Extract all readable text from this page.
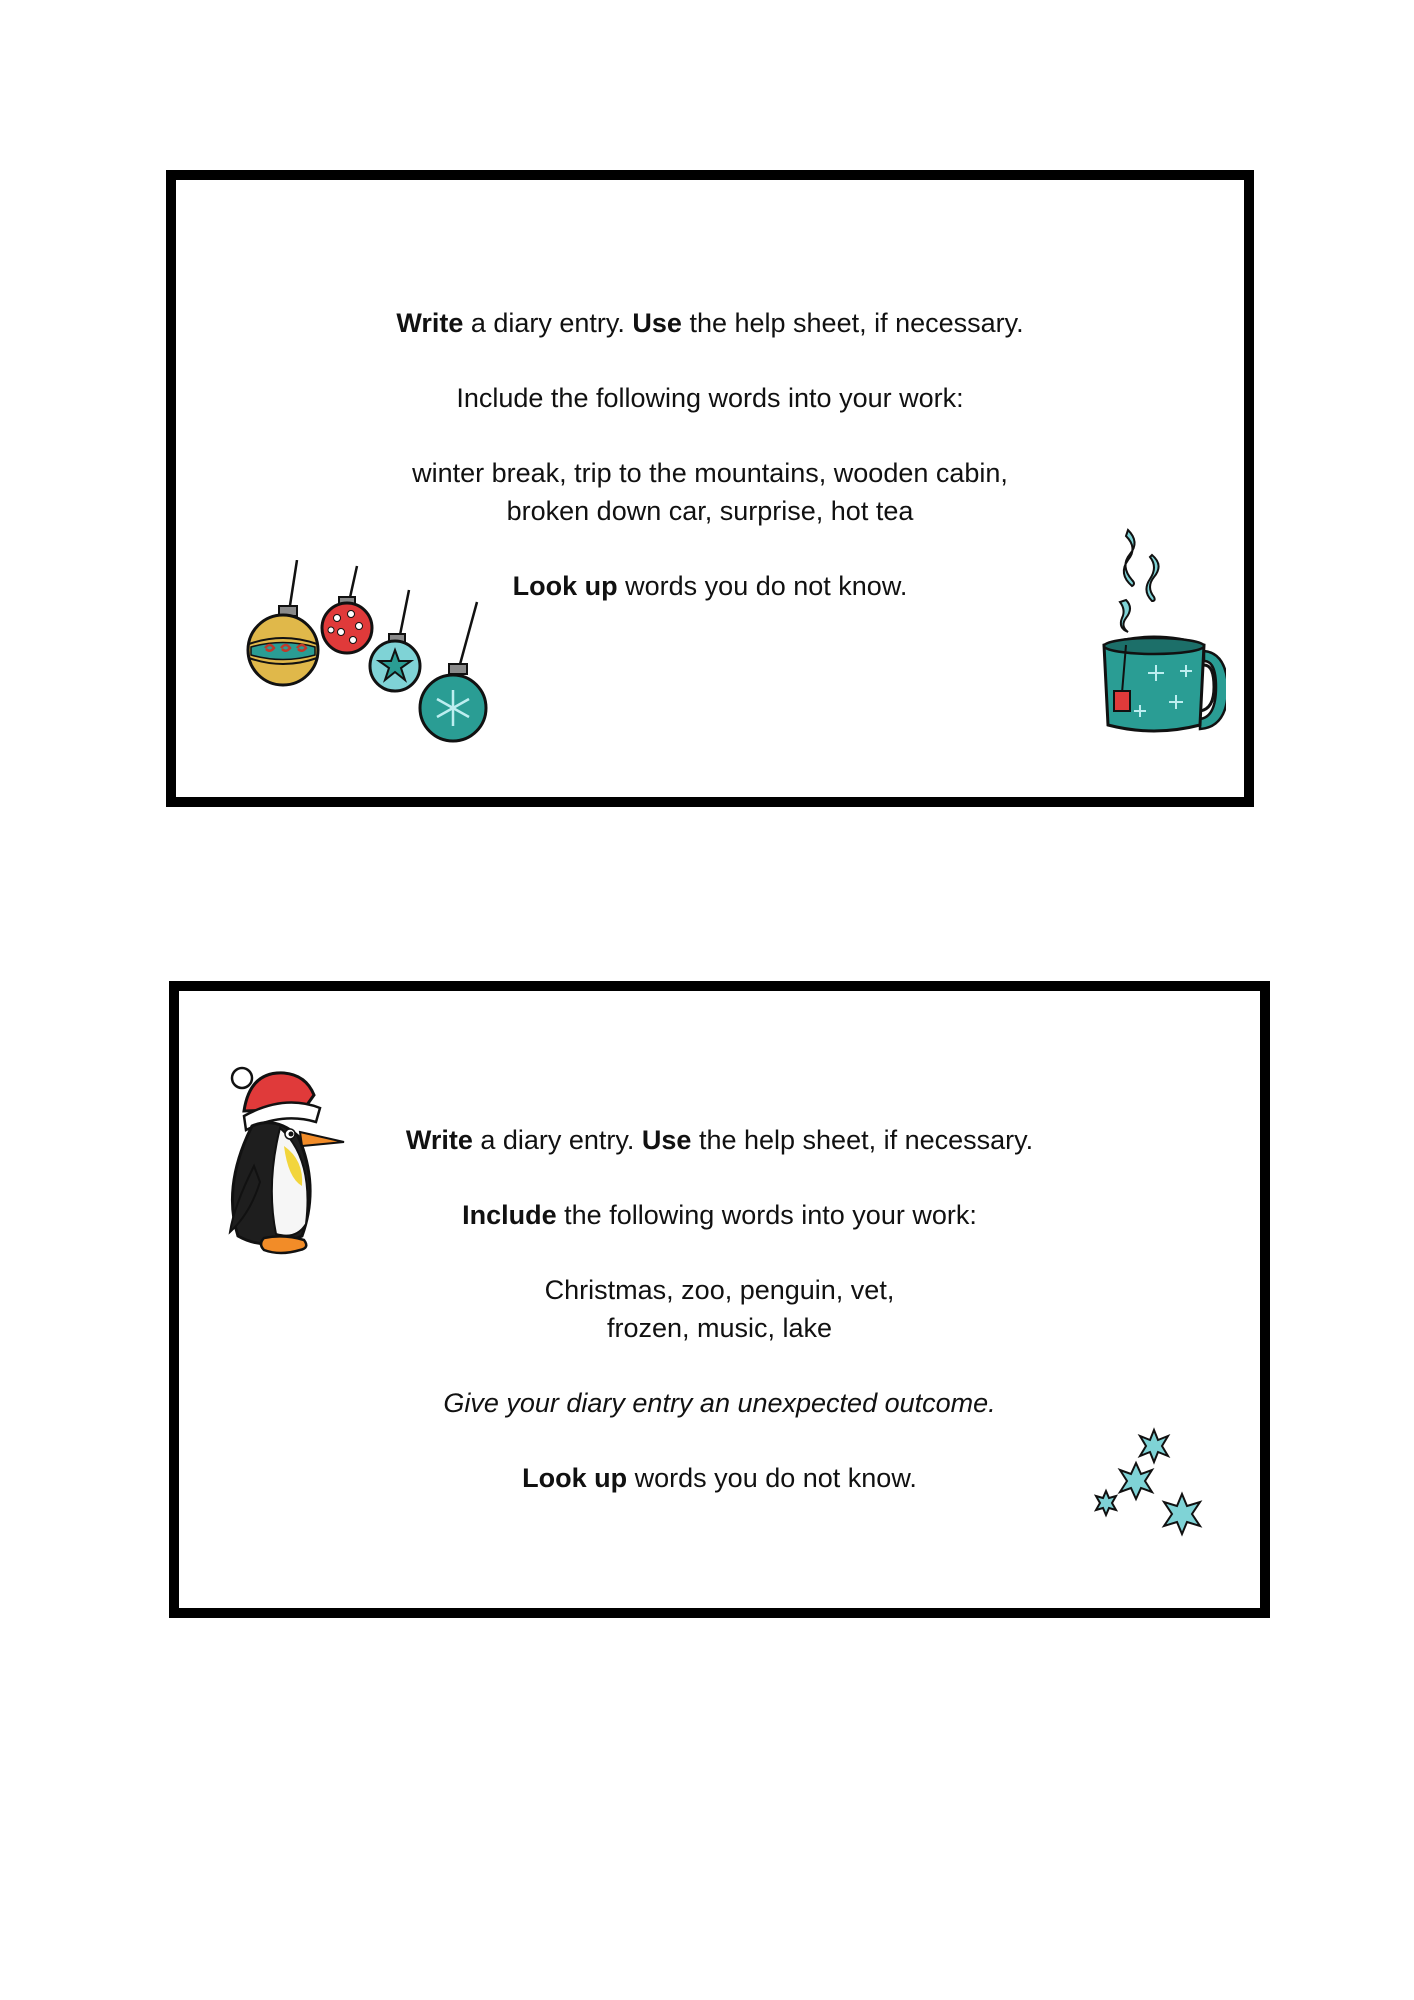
Write a diary entry. Use the help sheet, if necessary.

Include the following words into your work:

winter break, trip to the mountains, wooden cabin,
broken down car, surprise, hot tea

Look up words you do not know.

Write a diary entry. Use the help sheet, if necessary.

Include the following words into your work:

Christmas, zoo, penguin, vet,
frozen, music, lake

Give your diary entry an unexpected outcome.

Look up words you do not know.
